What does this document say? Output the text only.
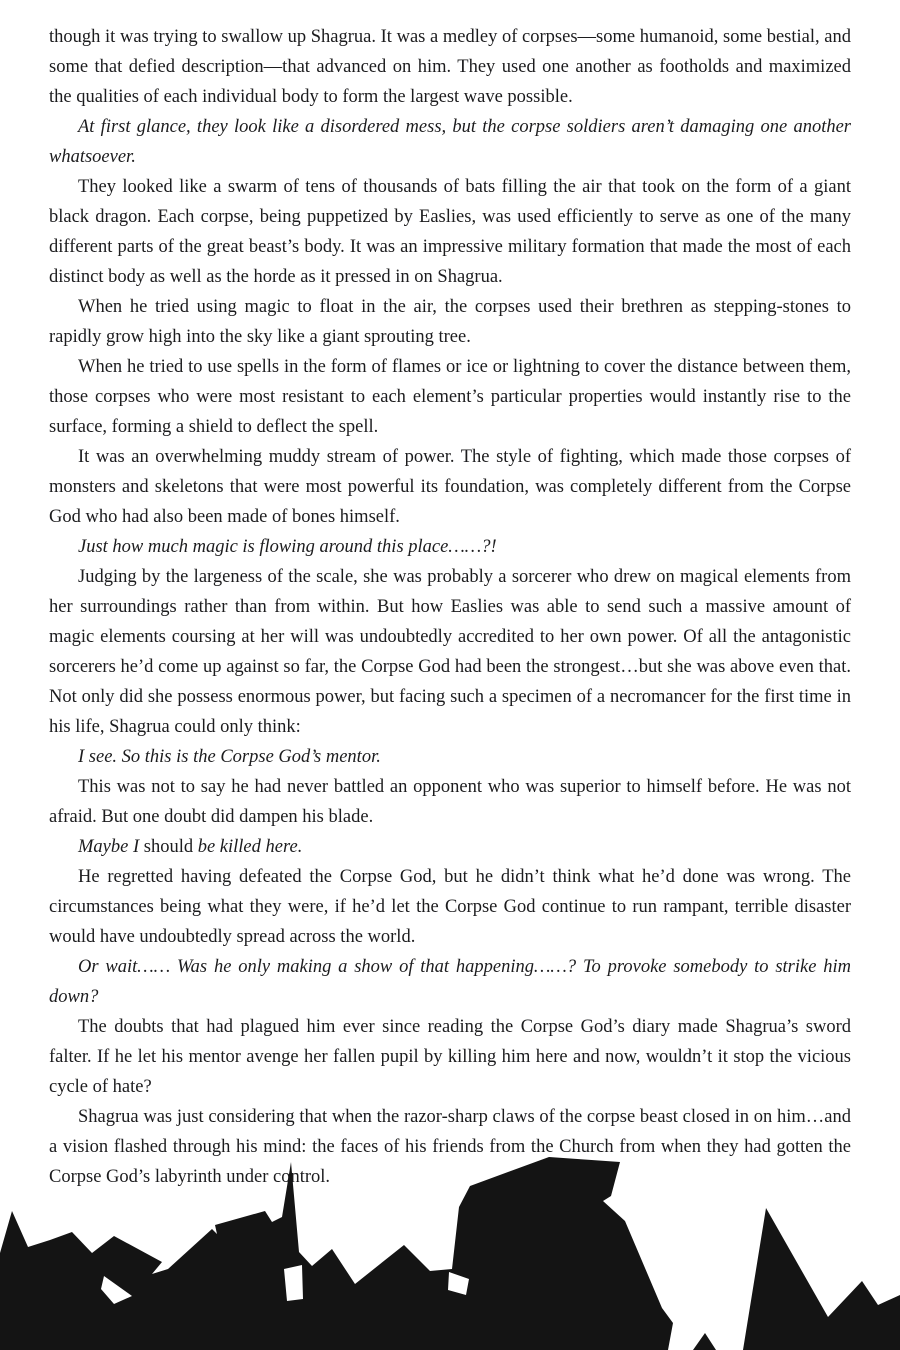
though it was trying to swallow up Shagrua. It was a medley of corpses—some humanoid, some bestial, and some that defied description—that advanced on him. They used one another as footholds and maximized the qualities of each individual body to form the largest wave possible.

At first glance, they look like a disordered mess, but the corpse soldiers aren’t damaging one another whatsoever.

They looked like a swarm of tens of thousands of bats filling the air that took on the form of a giant black dragon. Each corpse, being puppetized by Easlies, was used efficiently to serve as one of the many different parts of the great beast’s body. It was an impressive military formation that made the most of each distinct body as well as the horde as it pressed in on Shagrua.

When he tried using magic to float in the air, the corpses used their brethren as stepping-stones to rapidly grow high into the sky like a giant sprouting tree.

When he tried to use spells in the form of flames or ice or lightning to cover the distance between them, those corpses who were most resistant to each element’s particular properties would instantly rise to the surface, forming a shield to deflect the spell.

It was an overwhelming muddy stream of power. The style of fighting, which made those corpses of monsters and skeletons that were most powerful its foundation, was completely different from the Corpse God who had also been made of bones himself.

Just how much magic is flowing around this place……?!

Judging by the largeness of the scale, she was probably a sorcerer who drew on magical elements from her surroundings rather than from within. But how Easlies was able to send such a massive amount of magic elements coursing at her will was undoubtedly accredited to her own power. Of all the antagonistic sorcerers he’d come up against so far, the Corpse God had been the strongest…but she was above even that. Not only did she possess enormous power, but facing such a specimen of a necromancer for the first time in his life, Shagrua could only think:

I see. So this is the Corpse God’s mentor.

This was not to say he had never battled an opponent who was superior to himself before. He was not afraid. But one doubt did dampen his blade.

Maybe I should be killed here.

He regretted having defeated the Corpse God, but he didn’t think what he’d done was wrong. The circumstances being what they were, if he’d let the Corpse God continue to run rampant, terrible disaster would have undoubtedly spread across the world.

Or wait…… Was he only making a show of that happening……? To provoke somebody to strike him down?

The doubts that had plagued him ever since reading the Corpse God’s diary made Shagrua’s sword falter. If he let his mentor avenge her fallen pupil by killing him here and now, wouldn’t it stop the vicious cycle of hate?

Shagrua was just considering that when the razor-sharp claws of the corpse beast closed in on him…and a vision flashed through his mind: the faces of his friends from the Church from when they had gotten the Corpse God’s labyrinth under control.
